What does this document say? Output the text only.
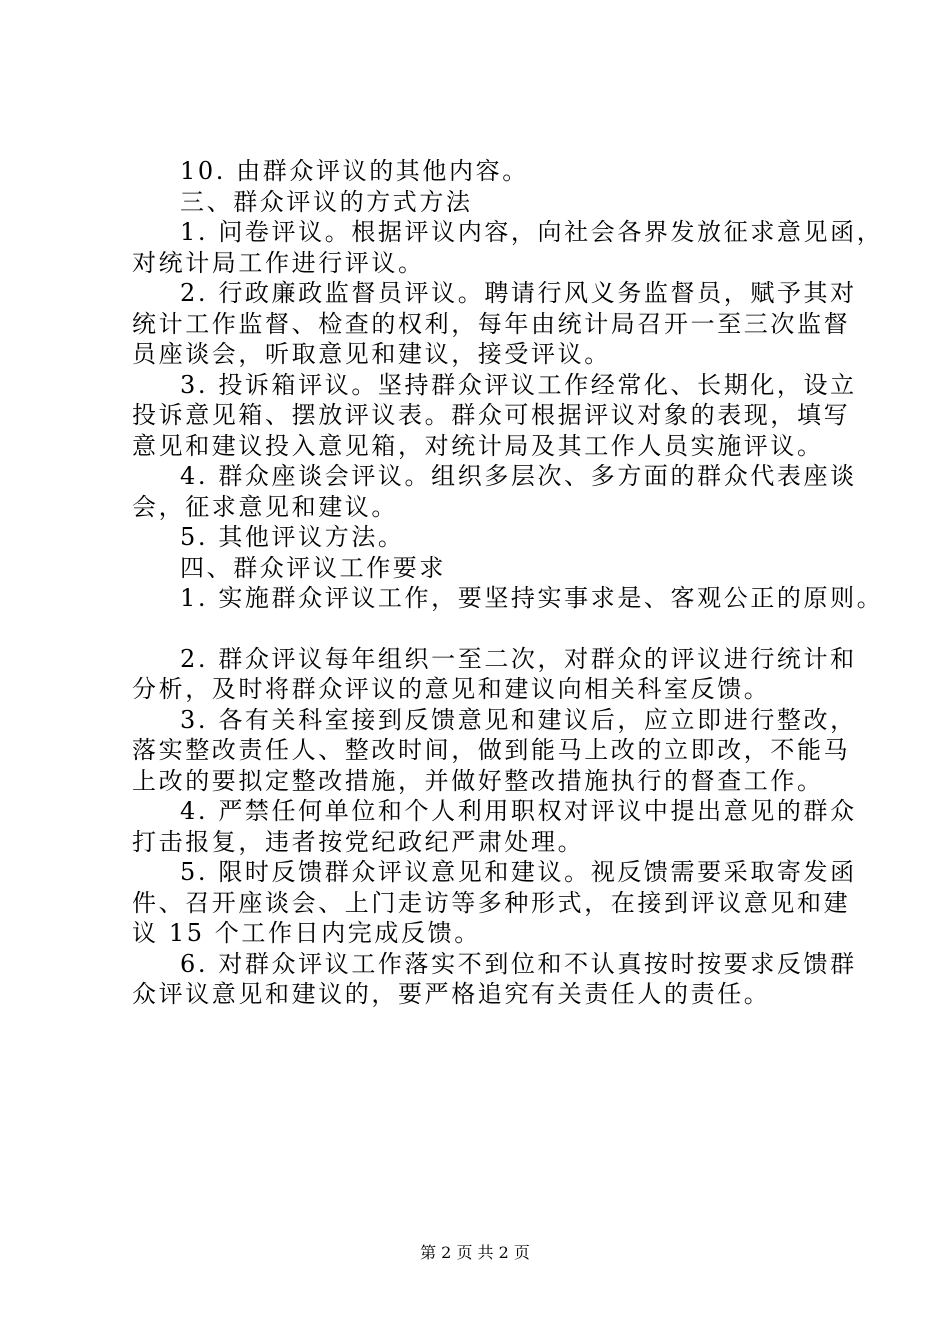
10. 由群众评议的其他内容。
三、群众评议的方式方法
1. 问卷评议。根据评议内容，向社会各界发放征求意见函，
对统计局工作进行评议。
2. 行政廉政监督员评议。聘请行风义务监督员，赋予其对
统计工作监督、检查的权利，每年由统计局召开一至三次监督
员座谈会，听取意见和建议，接受评议。
3. 投诉箱评议。坚持群众评议工作经常化、长期化，设立
投诉意见箱、摆放评议表。群众可根据评议对象的表现，填写
意见和建议投入意见箱，对统计局及其工作人员实施评议。
4. 群众座谈会评议。组织多层次、多方面的群众代表座谈
会，征求意见和建议。
5. 其他评议方法。
四、群众评议工作要求
1. 实施群众评议工作，要坚持实事求是、客观公正的原则。
2. 群众评议每年组织一至二次，对群众的评议进行统计和
分析，及时将群众评议的意见和建议向相关科室反馈。
3. 各有关科室接到反馈意见和建议后，应立即进行整改，
落实整改责任人、整改时间，做到能马上改的立即改，不能马
上改的要拟定整改措施，并做好整改措施执行的督查工作。
4. 严禁任何单位和个人利用职权对评议中提出意见的群众
打击报复，违者按党纪政纪严肃处理。
5. 限时反馈群众评议意见和建议。视反馈需要采取寄发函
件、召开座谈会、上门走访等多种形式，在接到评议意见和建
议 15 个工作日内完成反馈。
6. 对群众评议工作落实不到位和不认真按时按要求反馈群
众评议意见和建议的，要严格追究有关责任人的责任。
第 2 页 共 2 页
